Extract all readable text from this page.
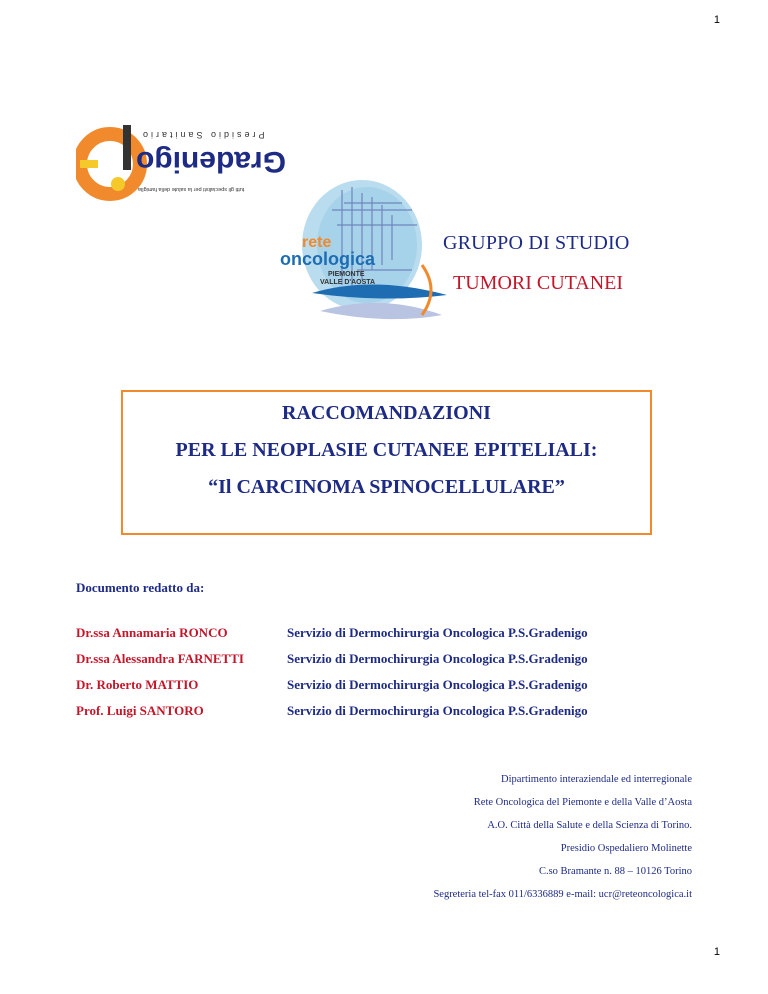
1
Gradenigo
tutti gli specialisti per la salute della famiglia
Presidio Sanitario
rete
oncologica
PIEMONTE
VALLE D'AOSTA
GRUPPO DI STUDIO
TUMORI CUTANEI
RACCOMANDAZIONI
PER LE NEOPLASIE CUTANEE EPITELIALI:
“Il CARCINOMA SPINOCELLULARE”
Documento redatto da:
Dr.ssa Annamaria RONCO	Servizio di Dermochirurgia Oncologica P.S.Gradenigo
Dr.ssa Alessandra FARNETTI	Servizio di Dermochirurgia Oncologica P.S.Gradenigo
Dr. Roberto MATTIO	Servizio di Dermochirurgia Oncologica P.S.Gradenigo
Prof. Luigi SANTORO	Servizio di Dermochirurgia Oncologica P.S.Gradenigo
Dipartimento interaziendale ed interregionale
Rete Oncologica del Piemonte e della Valle d’Aosta
A.O. Città della Salute e della Scienza di Torino.
Presidio Ospedaliero Molinette
C.so Bramante n. 88 – 10126 Torino
Segreteria tel-fax 011/6336889 e-mail: ucr@reteoncologica.it
1
